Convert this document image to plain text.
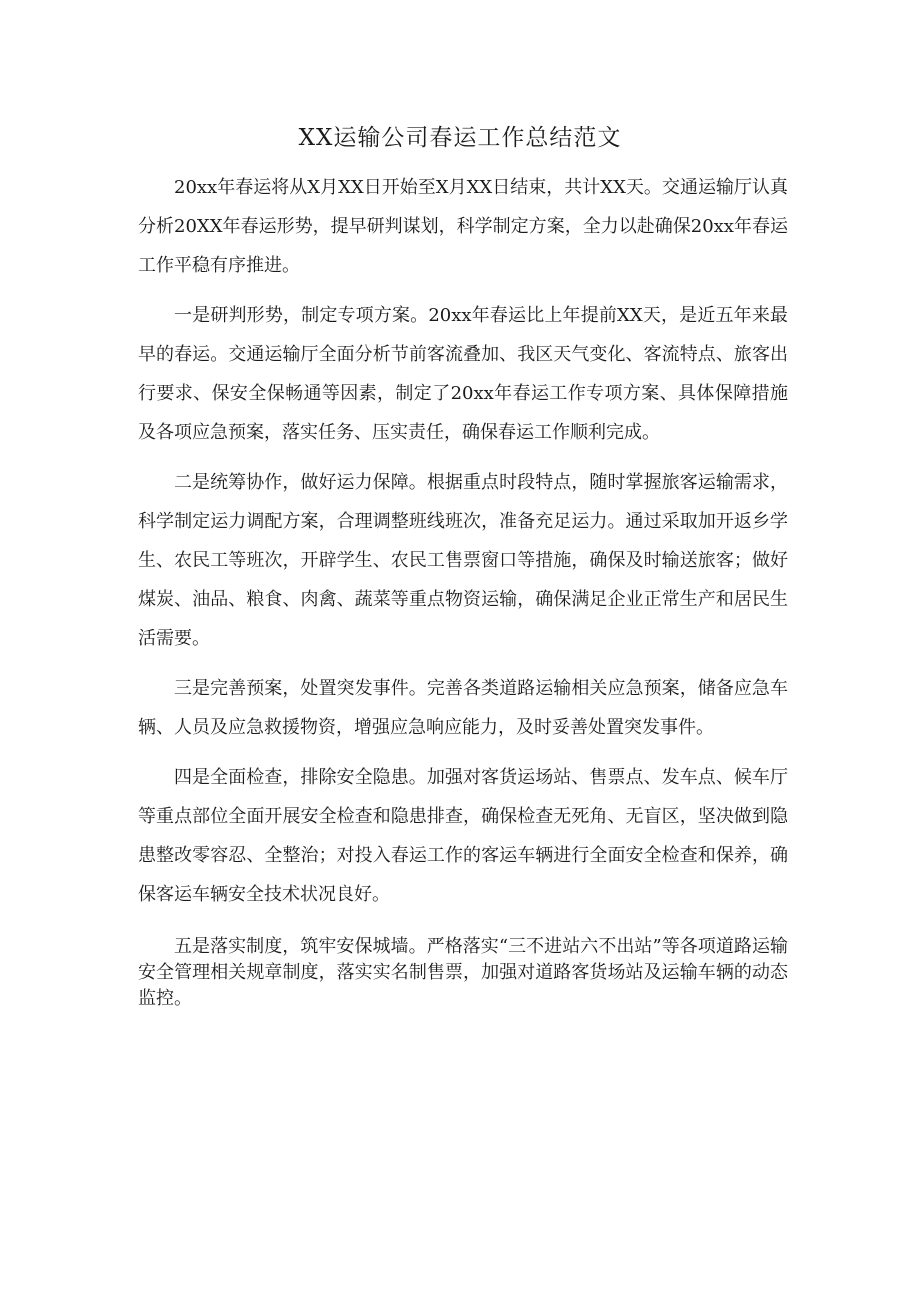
XX运输公司春运工作总结范文

20xx年春运将从X月XX日开始至X月XX日结束，共计XX天。交通运输厅认真分析20XX年春运形势，提早研判谋划，科学制定方案，全力以赴确保20xx年春运工作平稳有序推进。

一是研判形势，制定专项方案。20xx年春运比上年提前XX天，是近五年来最早的春运。交通运输厅全面分析节前客流叠加、我区天气变化、客流特点、旅客出行要求、保安全保畅通等因素，制定了20xx年春运工作专项方案、具体保障措施及各项应急预案，落实任务、压实责任，确保春运工作顺利完成。

二是统筹协作，做好运力保障。根据重点时段特点，随时掌握旅客运输需求，科学制定运力调配方案，合理调整班线班次，准备充足运力。通过采取加开返乡学生、农民工等班次，开辟学生、农民工售票窗口等措施，确保及时输送旅客；做好煤炭、油品、粮食、肉禽、蔬菜等重点物资运输，确保满足企业正常生产和居民生活需要。

三是完善预案，处置突发事件。完善各类道路运输相关应急预案，储备应急车辆、人员及应急救援物资，增强应急响应能力，及时妥善处置突发事件。

四是全面检查，排除安全隐患。加强对客货运场站、售票点、发车点、候车厅等重点部位全面开展安全检查和隐患排查，确保检查无死角、无盲区，坚决做到隐患整改零容忍、全整治；对投入春运工作的客运车辆进行全面安全检查和保养，确保客运车辆安全技术状况良好。

五是落实制度，筑牢安保城墙。严格落实“三不进站六不出站”等各项道路运输安全管理相关规章制度，落实实名制售票，加强对道路客货场站及运输车辆的动态监控。
